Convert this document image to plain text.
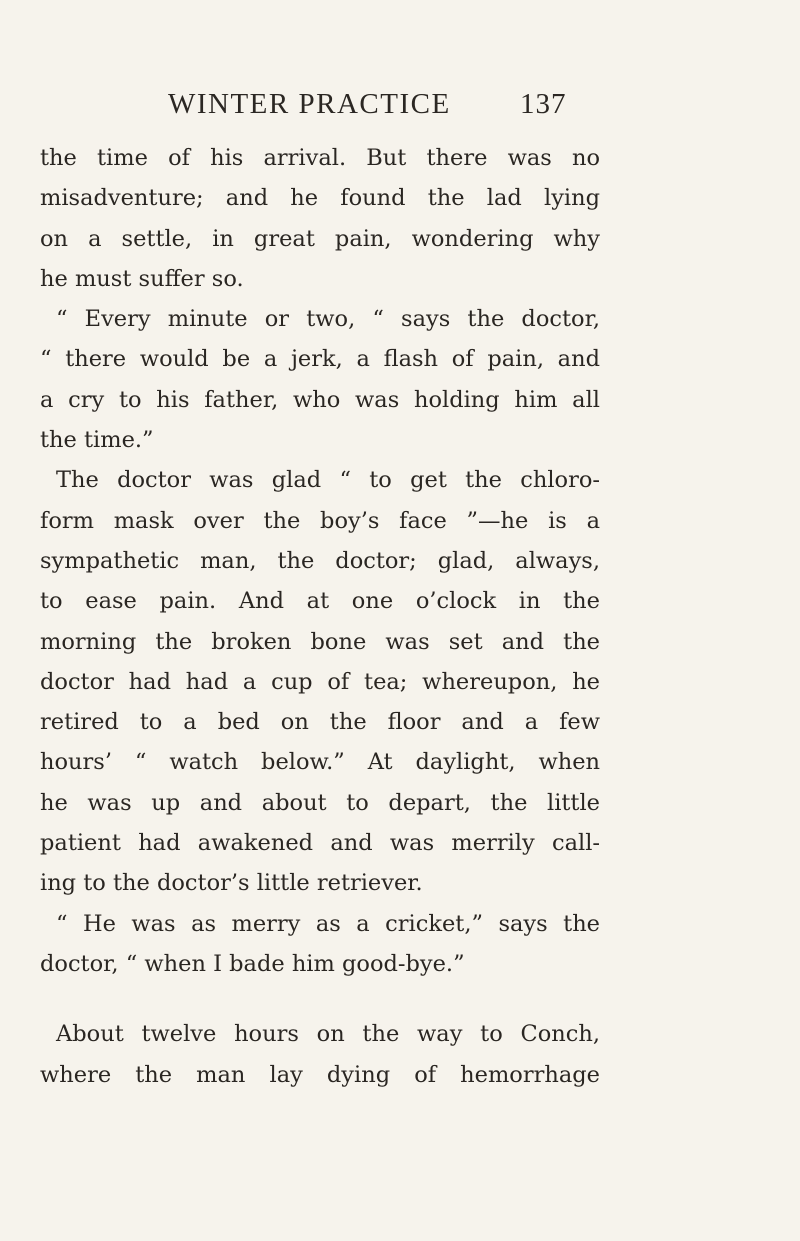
WINTER PRACTICE 137
the time of his arrival. But there was no
misadventure; and he found the lad lying
on a settle, in great pain, wondering why
he must suffer so.
“ Every minute or two, “ says the doctor,
“ there would be a jerk, a flash of pain, and
a cry to his father, who was holding him all
the time.”
The doctor was glad “ to get the chloro-
form mask over the boy’s face ”—he is a
sympathetic man, the doctor; glad, always,
to ease pain. And at one o’clock in the
morning the broken bone was set and the
doctor had had a cup of tea; whereupon, he
retired to a bed on the floor and a few
hours’ “ watch below.” At daylight, when
he was up and about to depart, the little
patient had awakened and was merrily call-
ing to the doctor’s little retriever.
“ He was as merry as a cricket,” says the
doctor, “ when I bade him good-bye.”
About twelve hours on the way to Conch,
where the man lay dying of hemorrhage
